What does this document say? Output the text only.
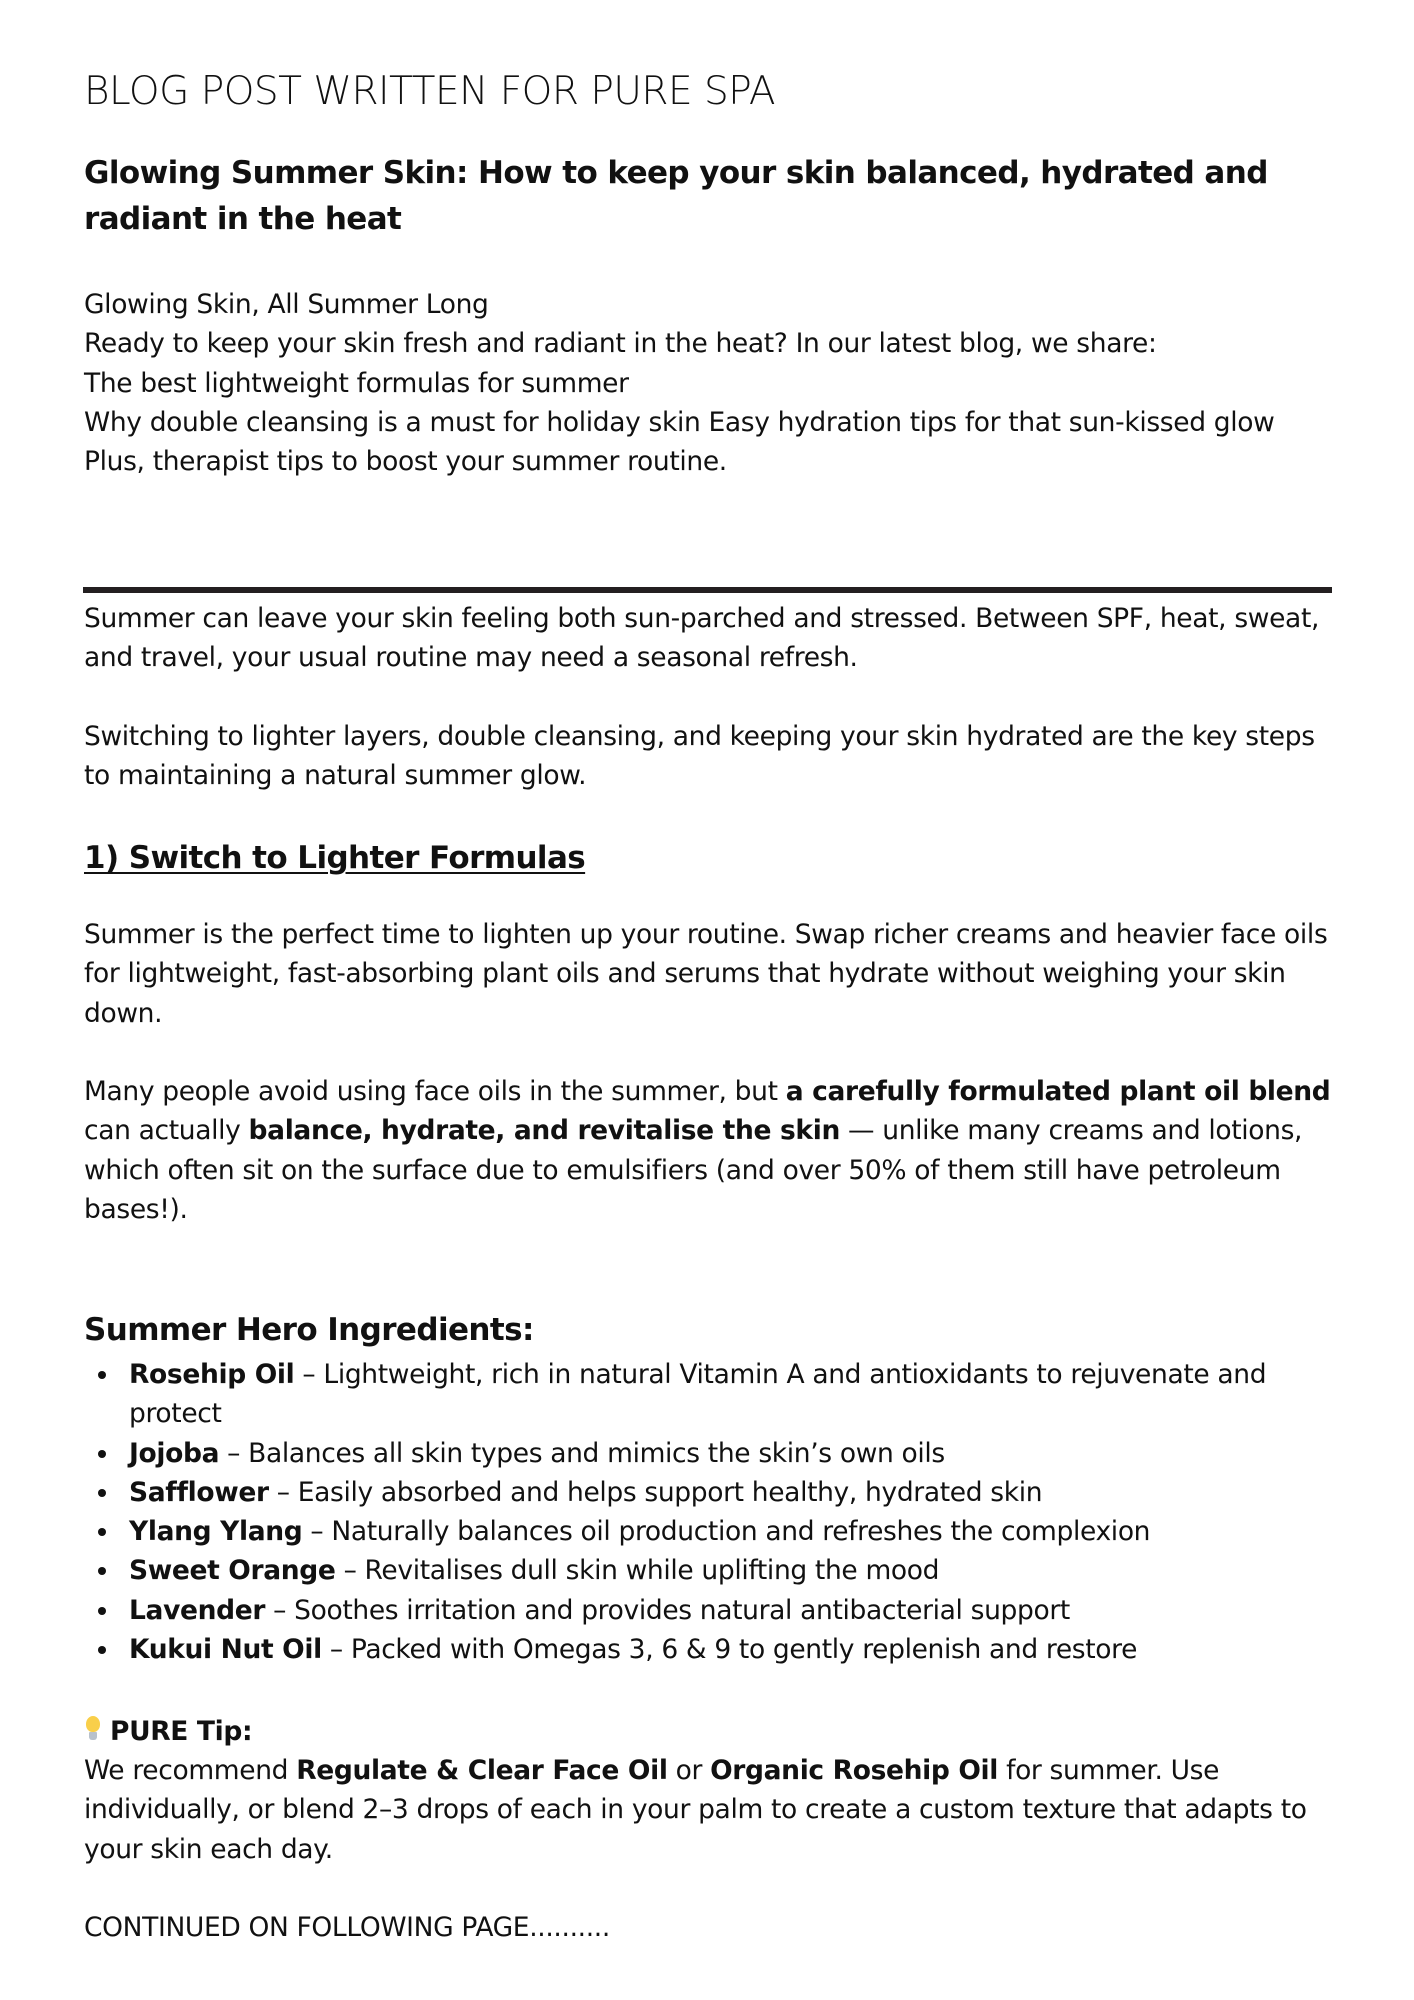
BLOG POST WRITTEN FOR PURE SPA
Glowing Summer Skin: How to keep your skin balanced, hydrated and radiant in the heat

Glowing Skin, All Summer Long

Ready to keep your skin fresh and radiant in the heat? In our latest blog, we share:

The best lightweight formulas for summer

Why double cleansing is a must for holiday skin Easy hydration tips for that sun-kissed glow

Plus, therapist tips to boost your summer routine.

Summer can leave your skin feeling both sun-parched and stressed. Between SPF, heat, sweat, and travel, your usual routine may need a seasonal refresh.

Switching to lighter layers, double cleansing, and keeping your skin hydrated are the key steps to maintaining a natural summer glow.

1) Switch to Lighter Formulas

Summer is the perfect time to lighten up your routine. Swap richer creams and heavier face oils for lightweight, fast-absorbing plant oils and serums that hydrate without weighing your skin down.

Many people avoid using face oils in the summer, but a carefully formulated plant oil blend can actually balance, hydrate, and revitalise the skin — unlike many creams and lotions, which often sit on the surface due to emulsifiers (and over 50% of them still have petroleum bases!).

Summer Hero Ingredients:
Rosehip Oil – Lightweight, rich in natural Vitamin A and antioxidants to rejuvenate and protect
Jojoba – Balances all skin types and mimics the skin’s own oils
Safflower – Easily absorbed and helps support healthy, hydrated skin
Ylang Ylang – Naturally balances oil production and refreshes the complexion
Sweet Orange – Revitalises dull skin while uplifting the mood
Lavender – Soothes irritation and provides natural antibacterial support
Kukui Nut Oil – Packed with Omegas 3, 6 & 9 to gently replenish and restore

PURE Tip:

We recommend Regulate & Clear Face Oil or Organic Rosehip Oil for summer. Use individually, or blend 2–3 drops of each in your palm to create a custom texture that adapts to your skin each day.

CONTINUED ON FOLLOWING PAGE..........
